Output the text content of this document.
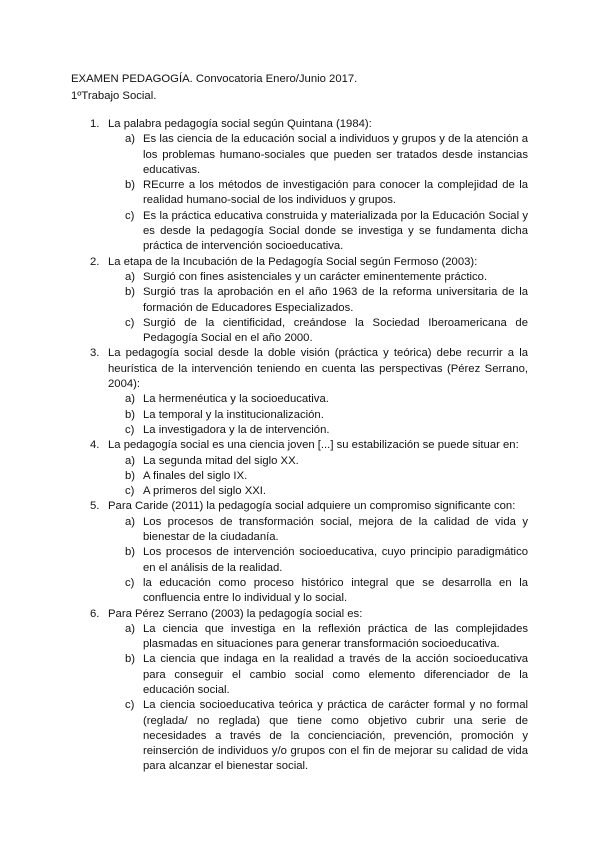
EXAMEN PEDAGOGÍA. Convocatoria Enero/Junio 2017.
1ºTrabajo Social.
1. La palabra pedagogía social según Quintana (1984):
a) Es las ciencia de la educación social a individuos y grupos y de la atención a los problemas humano-sociales que pueden ser tratados desde instancias educativas.
b) REcurre a los métodos de investigación para conocer la complejidad de la realidad humano-social de los individuos y grupos.
c) Es la práctica educativa construida y materializada por la Educación Social y es desde la pedagogía Social donde se investiga y se fundamenta dicha práctica de intervención socioeducativa.
2. La etapa de la Incubación de la Pedagogía Social según Fermoso (2003):
a) Surgió con fines asistenciales y un carácter eminentemente práctico.
b) Surgió tras la aprobación en el año 1963 de la reforma universitaria de la formación de Educadores Especializados.
c) Surgió de la cientificidad, creándose la Sociedad Iberoamericana de Pedagogía Social en el año 2000.
3. La pedagogía social desde la doble visión (práctica y teórica) debe recurrir a la heurística de la intervención teniendo en cuenta las perspectivas (Pérez Serrano, 2004):
a) La hermenéutica y la socioeducativa.
b) La temporal y la institucionalización.
c) La investigadora y la de intervención.
4. La pedagogía social es una ciencia joven [...] su estabilización se puede situar en:
a) La segunda mitad del siglo XX.
b) A finales del siglo IX.
c) A primeros del siglo XXI.
5. Para Caride (2011) la pedagogía social adquiere un compromiso significante con:
a) Los procesos de transformación social, mejora de la calidad de vida y bienestar de la ciudadanía.
b) Los procesos de intervención socioeducativa, cuyo principio paradigmático en el análisis de la realidad.
c) la educación como proceso histórico integral que se desarrolla en la confluencia entre lo individual y lo social.
6. Para Pérez Serrano (2003) la pedagogía social es:
a) La ciencia que investiga en la reflexión práctica de las complejidades plasmadas en situaciones para generar transformación socioeducativa.
b) La ciencia que indaga en la realidad a través de la acción socioeducativa para conseguir el cambio social como elemento diferenciador de la educación social.
c) La ciencia socioeducativa teórica y práctica de carácter formal y no formal (reglada/ no reglada) que tiene como objetivo cubrir una serie de necesidades a través de la concienciación, prevención, promoción y reinserción de individuos y/o grupos con el fin de mejorar su calidad de vida para alcanzar el bienestar social.
